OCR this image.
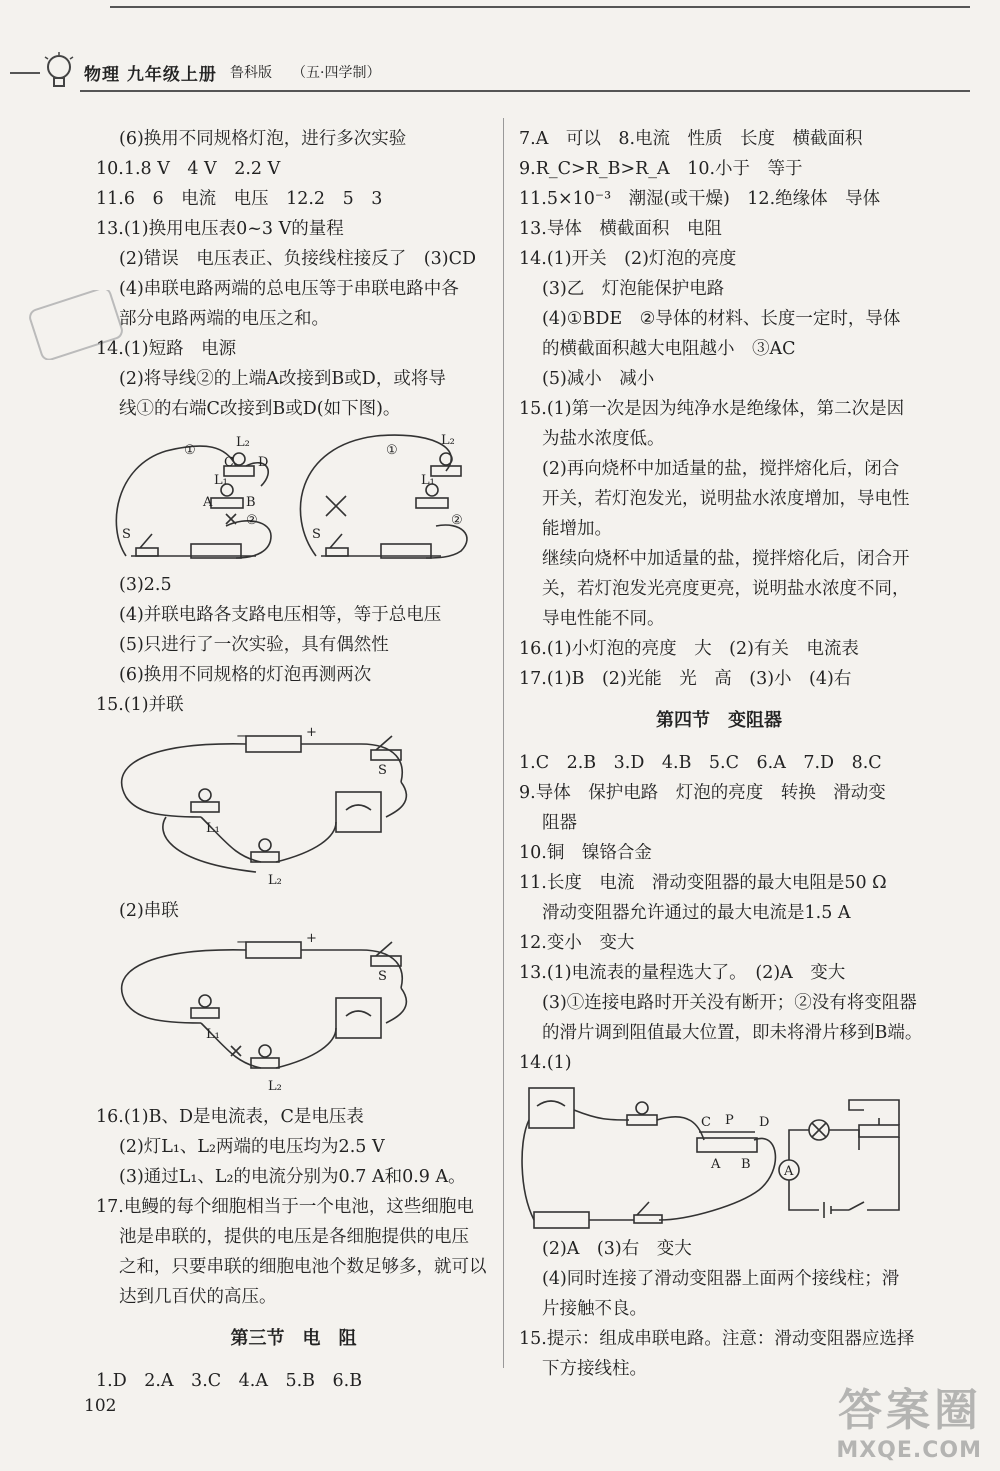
物理 九年级上册 鲁科版 （五·四学制）
(6)换用不同规格灯泡，进行多次实验
10.1.8 V　4 V　2.2 V
11.6　6　电流　电压　12.2　5　3
13.(1)换用电压表0~3 V的量程
(2)错误　电压表正、负接线柱接反了　(3)CD
(4)串联电路两端的总电压等于串联电路中各
部分电路两端的电压之和。
14.(1)短路　电源
(2)将导线②的上端A改接到B或D，或将导
线①的右端C改接到B或D(如下图)。
①
L₂
C D
L₁
A	B
②
S
①
L₂
L₁
②
S
(3)2.5
(4)并联电路各支路电压相等，等于总电压
(5)只进行了一次实验，具有偶然性
(6)换用不同规格的灯泡再测两次
15.(1)并联
−	+
S
L₁
L₂
(2)串联
−	+
S
L₁
L₂
16.(1)B、D是电流表，C是电压表
(2)灯L₁、L₂两端的电压均为2.5 V
(3)通过L₁、L₂的电流分别为0.7 A和0.9 A。
17.电鳗的每个细胞相当于一个电池，这些细胞电
池是串联的，提供的电压是各细胞提供的电压
之和，只要串联的细胞电池个数足够多，就可以
达到几百伏的高压。
第三节　电　阻
1.D　2.A　3.C　4.A　5.B　6.B
7.A　可以　8.电流　性质　长度　横截面积
9.R_C>R_B>R_A　10.小于　等于
11.5×10⁻³　潮湿(或干燥)　12.绝缘体　导体
13.导体　横截面积　电阻
14.(1)开关　(2)灯泡的亮度
(3)乙　灯泡能保护电路
(4)①BDE　②导体的材料、长度一定时，导体
的横截面积越大电阻越小　③AC
(5)减小　减小
15.(1)第一次是因为纯净水是绝缘体，第二次是因
为盐水浓度低。
(2)再向烧杯中加适量的盐，搅拌熔化后，闭合
开关，若灯泡发光，说明盐水浓度增加，导电性
能增加。
继续向烧杯中加适量的盐，搅拌熔化后，闭合开
关，若灯泡发光亮度更亮，说明盐水浓度不同，
导电性能不同。
16.(1)小灯泡的亮度　大　(2)有关　电流表
17.(1)B　(2)光能　光　高　(3)小　(4)右
第四节　变阻器
1.C　2.B　3.D　4.B　5.C　6.A　7.D　8.C
9.导体　保护电路　灯泡的亮度　转换　滑动变
阻器
10.铜　镍铬合金
11.长度　电流　滑动变阻器的最大电阻是50 Ω
滑动变阻器允许通过的最大电流是1.5 A
12.变小　变大
13.(1)电流表的量程选大了。　(2)A　变大
(3)①连接电路时开关没有断开；②没有将变阻器
的滑片调到阻值最大位置，即未将滑片移到B端。
14.(1)
C P D
A B	A
(2)A　(3)右　变大
(4)同时连接了滑动变阻器上面两个接线柱；滑
片接触不良。
15.提示：组成串联电路。注意：滑动变阻器应选择
下方接线柱。
102	答案圈
MXQE.COM
